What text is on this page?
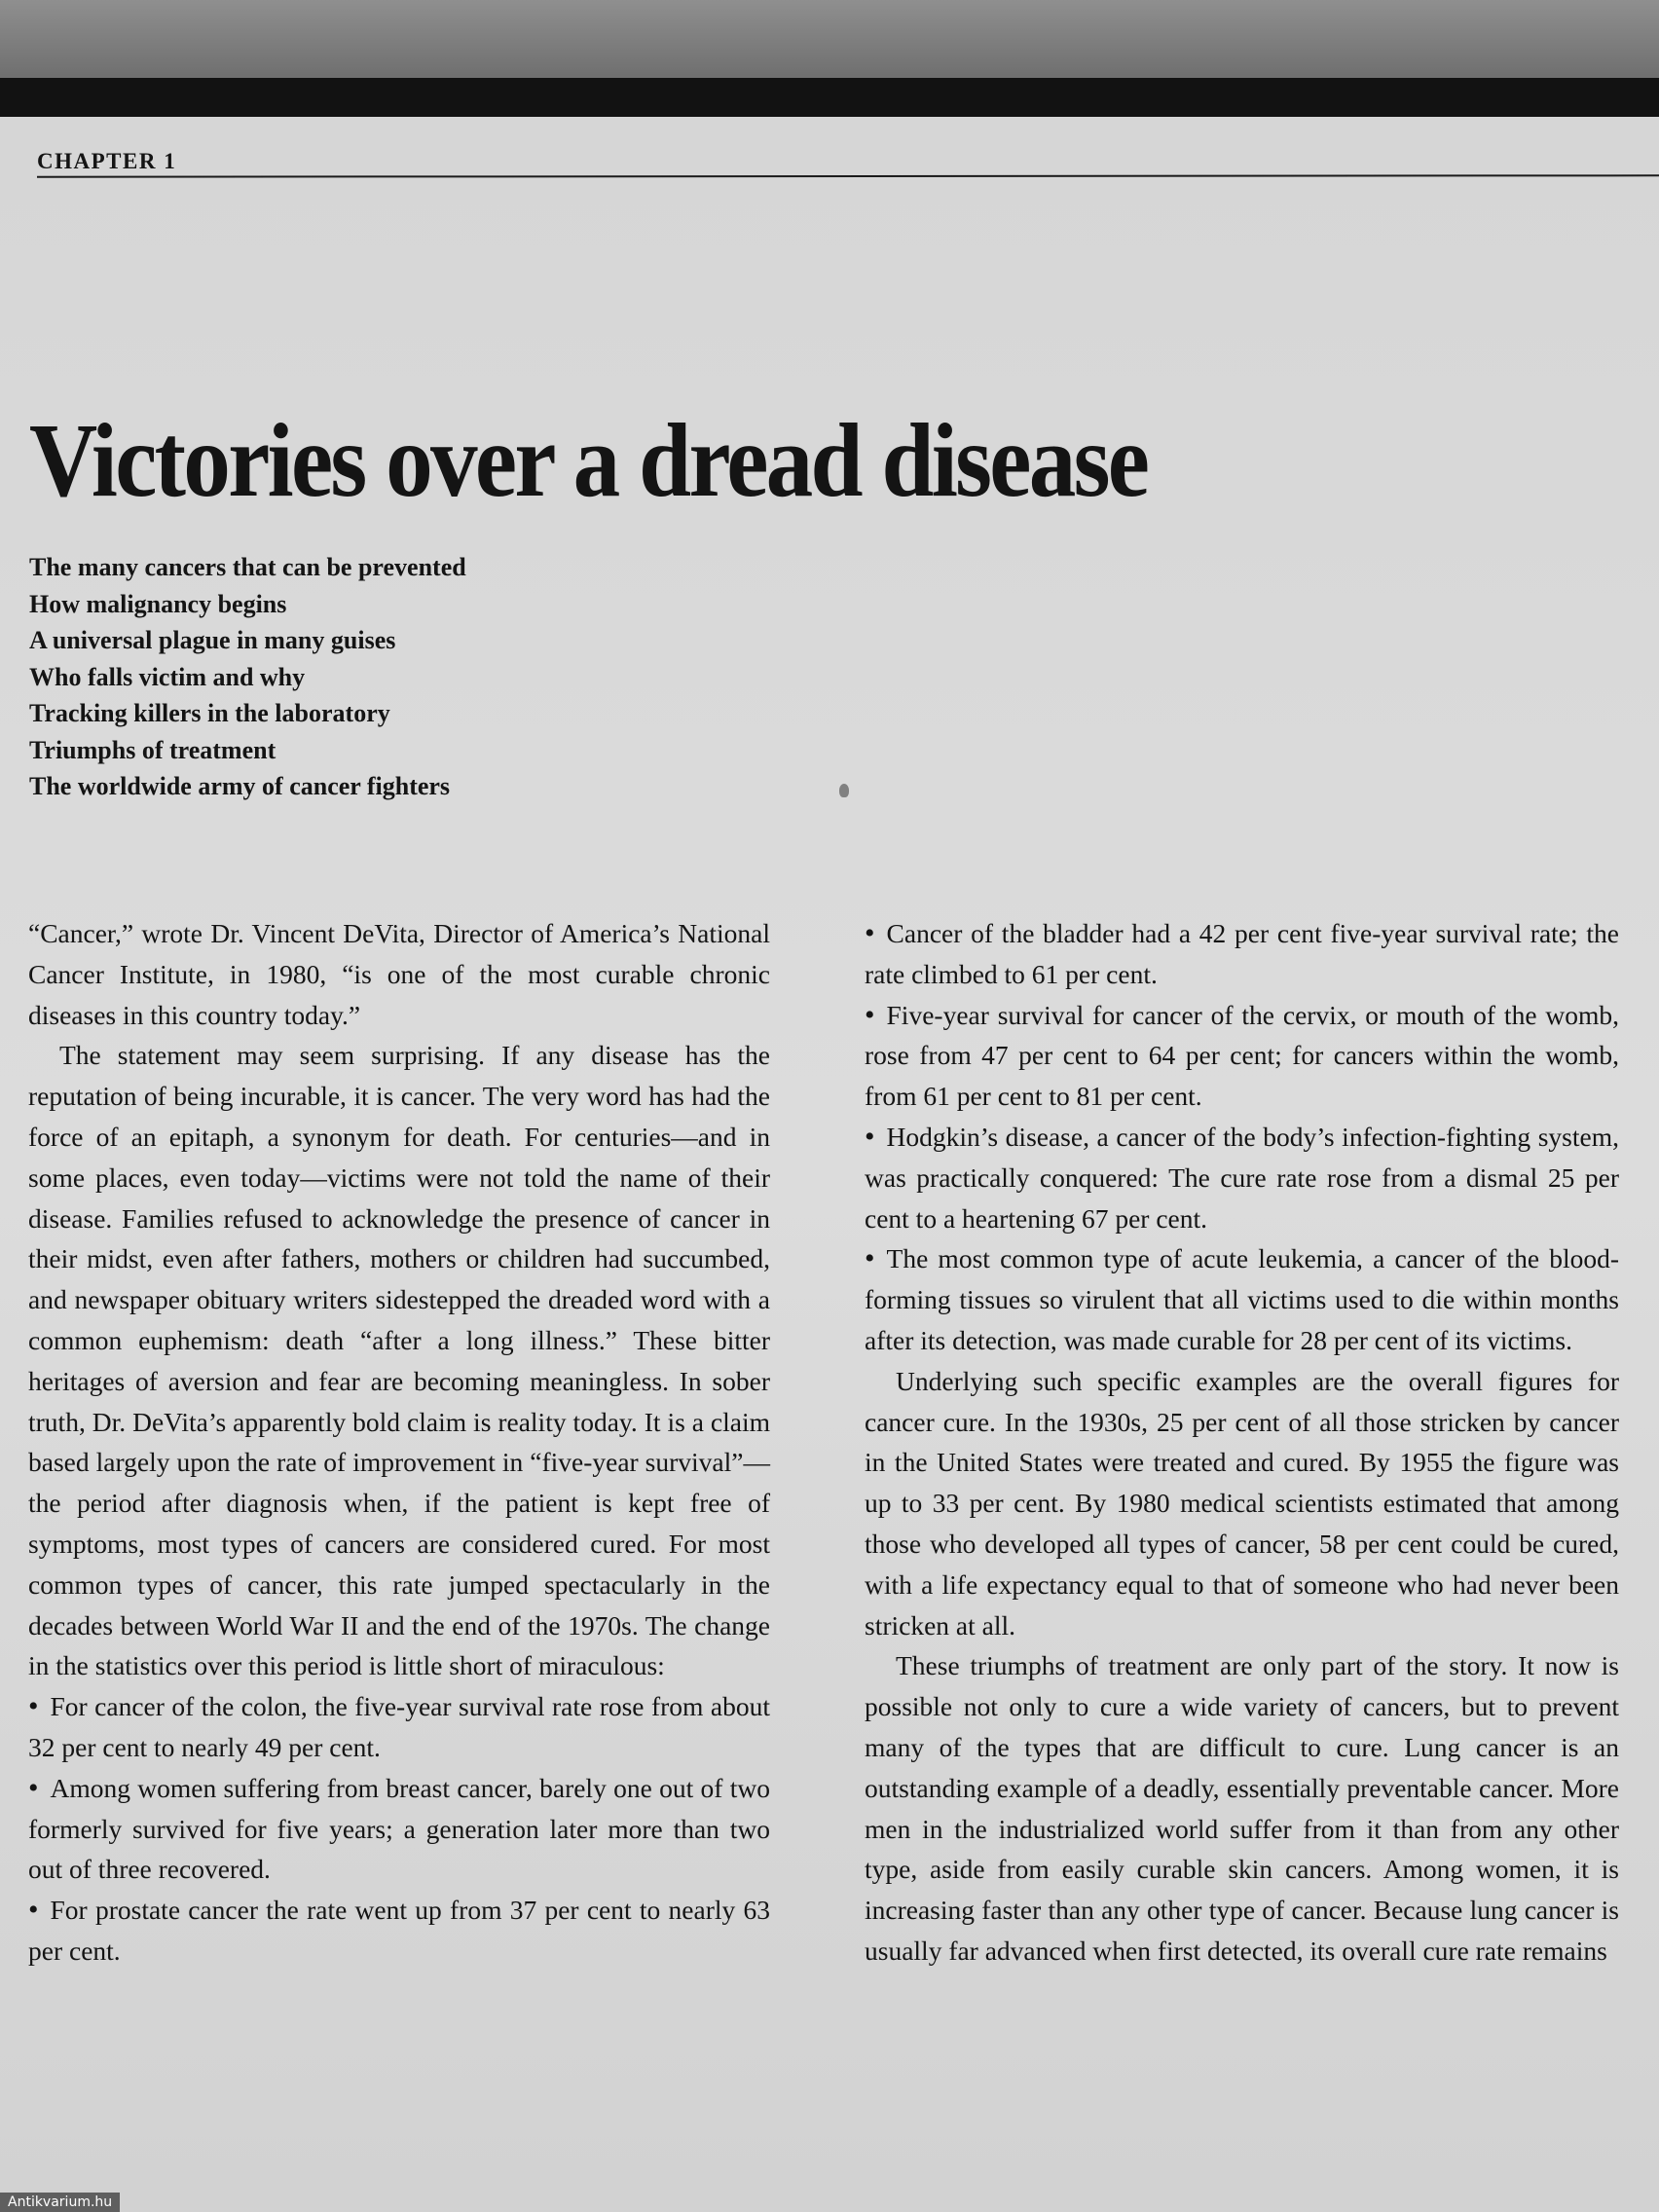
CHAPTER 1
Victories over a dread disease
The many cancers that can be prevented
How malignancy begins
A universal plague in many guises
Who falls victim and why
Tracking killers in the laboratory
Triumphs of treatment
The worldwide army of cancer fighters

“Cancer,” wrote Dr. Vincent DeVita, Director of America’s National Cancer Institute, in 1980, “is one of the most curable chronic diseases in this country today.”

The statement may seem surprising. If any disease has the reputation of being incurable, it is cancer. The very word has had the force of an epitaph, a synonym for death. For centuries—and in some places, even today—victims were not told the name of their disease. Families refused to acknowledge the presence of cancer in their midst, even after fathers, mothers or children had succumbed, and newspaper obituary writers sidestepped the dreaded word with a common euphemism: death “after a long illness.” These bitter heritages of aversion and fear are becoming meaningless. In sober truth, Dr. DeVita’s apparently bold claim is reality today. It is a claim based largely upon the rate of improvement in “five-year survival”—the period after diagnosis when, if the patient is kept free of symptoms, most types of cancers are considered cured. For most common types of cancer, this rate jumped spectacularly in the decades between World War II and the end of the 1970s. The change in the statistics over this period is little short of miraculous:

• For cancer of the colon, the five-year survival rate rose from about 32 per cent to nearly 49 per cent.

• Among women suffering from breast cancer, barely one out of two formerly survived for five years; a generation later more than two out of three recovered.

• For prostate cancer the rate went up from 37 per cent to nearly 63 per cent.

• Cancer of the bladder had a 42 per cent five-year survival rate; the rate climbed to 61 per cent.

• Five-year survival for cancer of the cervix, or mouth of the womb, rose from 47 per cent to 64 per cent; for cancers within the womb, from 61 per cent to 81 per cent.

• Hodgkin’s disease, a cancer of the body’s infection-fighting system, was practically conquered: The cure rate rose from a dismal 25 per cent to a heartening 67 per cent.

• The most common type of acute leukemia, a cancer of the blood-forming tissues so virulent that all victims used to die within months after its detection, was made curable for 28 per cent of its victims.

Underlying such specific examples are the overall figures for cancer cure. In the 1930s, 25 per cent of all those stricken by cancer in the United States were treated and cured. By 1955 the figure was up to 33 per cent. By 1980 medical scientists estimated that among those who developed all types of cancer, 58 per cent could be cured, with a life expectancy equal to that of someone who had never been stricken at all.

These triumphs of treatment are only part of the story. It now is possible not only to cure a wide variety of cancers, but to prevent many of the types that are difficult to cure. Lung cancer is an outstanding example of a deadly, essentially preventable cancer. More men in the industrialized world suffer from it than from any other type, aside from easily curable skin cancers. Among women, it is increasing faster than any other type of cancer. Because lung cancer is usually far advanced when first detected, its overall cure rate remains

Antikvarium.hu
